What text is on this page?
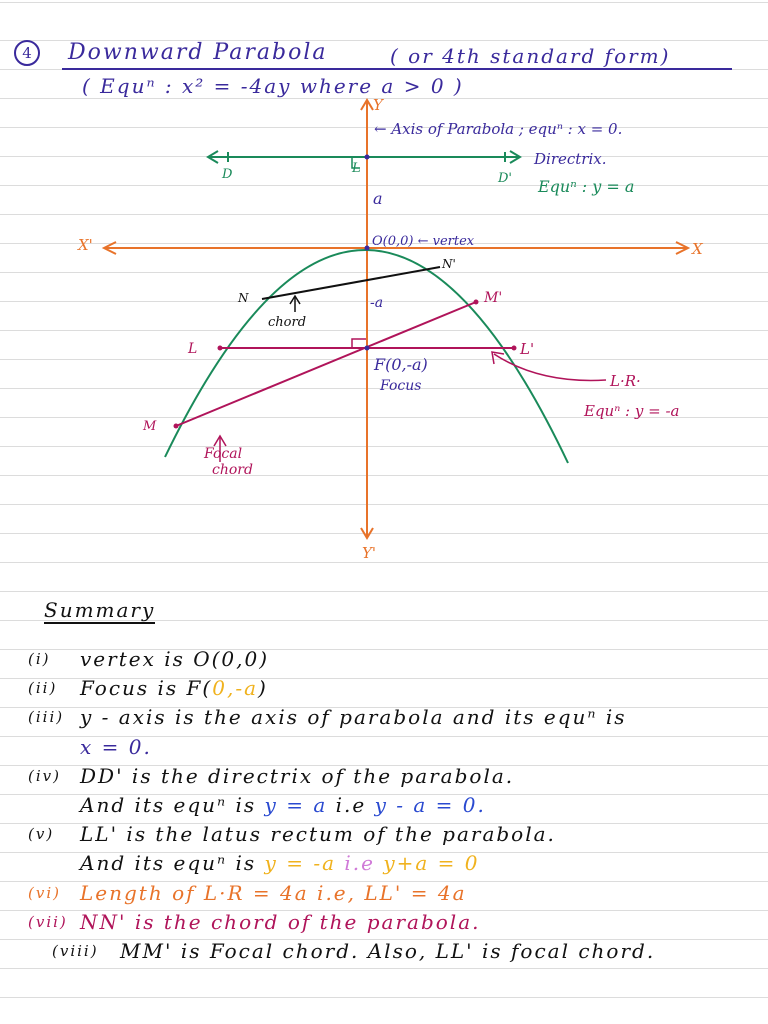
4	Downward Parabola	( or 4th standard form)
( Equⁿ : x² = -4ay where a > 0 )
Y
Y'
X
X'
← Axis of Parabola ; equⁿ : x = 0.
Directrix.
Equⁿ : y = a
D	D'
L
a
O(0,0) ← vertex
-a
N
N'
chord
M'
L	L'
F(0,-a)
Focus	L·R·
Equⁿ : y = -a
M
Focal
chord
Summary
(i) vertex is O(0,0)
(ii) Focus is F(0,-a)
(iii) y - axis is the axis of parabola and its equⁿ is
x = 0.
(iv) DD' is the directrix of the parabola.
And its equⁿ is y = a i.e y - a = 0.
(v) LL' is the latus rectum of the parabola.
And its equⁿ is y = -a i.e y+a = 0
(vi) Length of L·R = 4a i.e, LL' = 4a
(vii) NN' is the chord of the parabola.
(viii) MM' is Focal chord. Also, LL' is focal chord.
